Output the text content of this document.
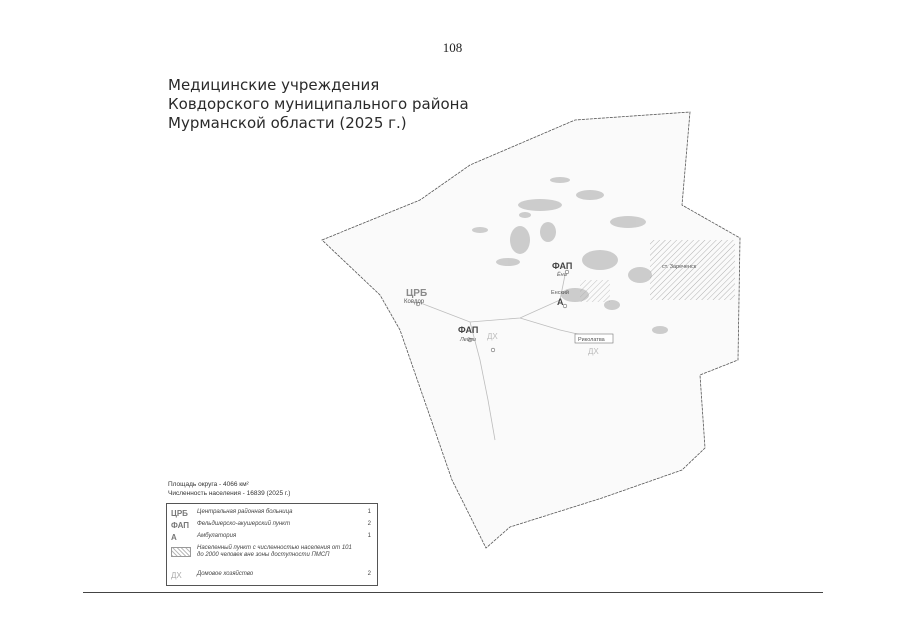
108
Медицинские учреждения
Ковдорского муниципального района
Мурманской области (2025 г.)
ЦРБ
Ковдор
ФАП
Ёна
Енский
А
ФАП
Лейпи ДХ
ДХ
Риколатва
ст. Зареченск
Площадь округа - 4066 км²
Численность населения - 16839 (2025 г.)
ЦРБ Центральная районная больница	1
ФАП Фельдшерско-акушерский пункт	2
А	Амбулатория	1
Населенный пункт с численностью населения от 101 до 2000 человек вне зоны доступности ПМСП
ДХ	Домовое хозяйство	2
